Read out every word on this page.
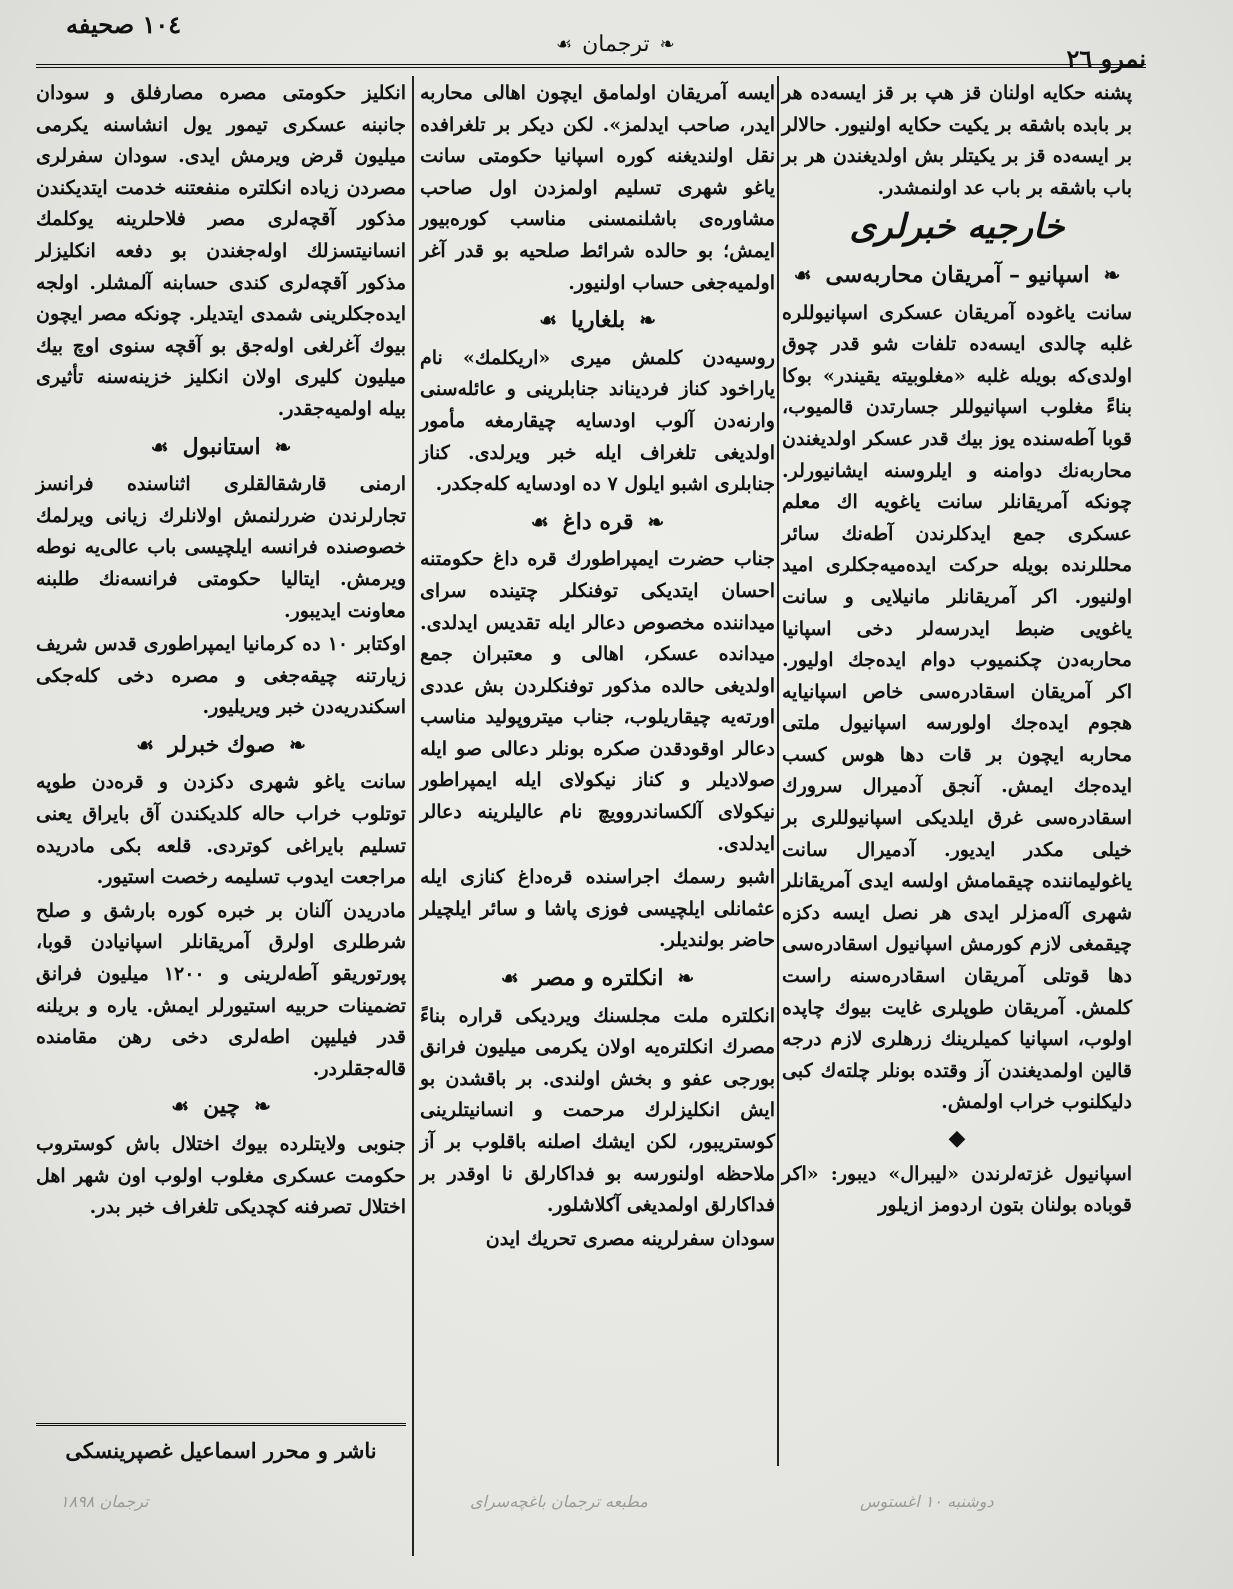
١٠٤ صحیفه
❧
ترجمان
☙	نمرو ٢٦

پشنه حکایه اولنان قز هپ بر قز ایسه‌ده هر بر بابده باشقه بر یکیت حکایه اولنیور. حالالر بر ایسه‌ده قز بر یکیتلر بش اولدیغندن هر بر باب باشقه بر باب عد اولنمشدر.

خارجیه خبرلری
❧
اسپانیو – آمریقان محاربه‌سی
☙

سانت یاغوده آمریقان عسکری اسپانیوللره غلبه چالدی ایسه‌ده تلفات شو قدر چوق اولدی‌که بویله غلبه «مغلوبیته یقیندر» بوکا بناءً مغلوب اسپانیوللر جسارتدن قالمیوب، قوبا آطه‌سنده یوز بیك قدر عسکر اولدیغندن محاربه‌نك دوامنه و ایلروسنه ایشانیورلر. چونکه آمریقانلر سانت یاغویه اك معلم عسکری جمع ایدکلرندن آطه‌نك سائر محللرنده بویله حرکت ایده‌میه‌جکلری امید اولنیور. اکر آمریقانلر مانیلایی و سانت یاغویی ضبط ایدرسه‌لر دخی اسپانیا محاربه‌دن چکنمیوب دوام ایده‌جك اولیور. اکر آمریقان اسقادره‌سی خاص اسپانیایه هجوم ایده‌جك اولورسه اسپانیول ملتی محاربه ایچون بر قات دها هوس کسب ایده‌جك ایمش. آنجق آدمیرال سرورك اسقادره‌سی غرق ایلدیکی اسپانیوللری بر خیلی مکدر ایدیور. آدمیرال سانت یاغولیماننده چیقمامش اولسه ایدی آمریقانلر شهری آله‌مزلر ایدی هر نصل ایسه دکزه چیقمغی لازم کورمش اسپانیول اسقادره‌سی دها قوتلی آمریقان اسقادره‌سنه راست کلمش. آمریقان طوپلری غایت بیوك چاپده اولوب، اسپانیا کمیلرینك زرهلری لازم درجه قالین اولمدیغندن آز وقتده بونلر چلته‌ك کبی دلیکلنوب خراب اولمش.

◆

اسپانیول غزته‌لرندن «لیبرال» دیبور: «اکر قوباده بولنان بتون اردومز ازیلور

ایسه آمریقان اولمامق ایچون اهالی محاربه ایدر، صاحب ایدلمز». لکن دیکر بر تلغرافده نقل اولندیغنه کوره اسپانیا حکومتی سانت یاغو شهری تسلیم اولمزدن اول صاحب مشاوره‌ی باشلنمسنی مناسب کوره‌بیور ایمش؛ بو حالده شرائط صلحیه بو قدر آغر اولمیه‌جغی حساب اولنیور.

❧
بلغاریا
☙

روسیه‌دن کلمش میری «اریکلمك» نام یاراخود کناز فردیناند جنابلرینی و عائله‌سنی وارنه‌دن آلوب اودسایه چیقارمغه مأمور اولدیغی تلغراف ایله خبر ویرلدی. کناز جنابلری اشبو ایلول ٧ ده اودسایه کله‌جکدر.

❧
قره داغ
☙

جناب حضرت ایمپراطورك قره داغ حکومتنه احسان ایتدیکی توفنکلر چتینده سرای میداننده مخصوص دعالر ایله تقدیس ایدلدی. میدانده عسکر، اهالی و معتبران جمع اولدیغی حالده مذکور توفنکلردن بش عددی اورته‌یه چیقاریلوب، جناب میتروپولید مناسب دعالر اوقودقدن صکره بونلر دعالی صو ایله صولادیلر و کناز نیکولای ایله ایمپراطور نیکولای آلکساندروویچ نام عالیلرینه دعالر ایدلدی.

اشبو رسمك اجراسنده قره‌داغ کنازی ایله عثمانلی ایلچیسی فوزی پاشا و سائر ایلچیلر حاضر بولندیلر.

❧
انکلتره و مصر
☙

انکلتره ملت مجلسنك ویردیکی قراره بناءً مصرك انکلتره‌یه اولان یکرمی میلیون فرانق بورجی عفو و بخش اولندی. بر باقشدن بو ایش انکلیزلرك مرحمت و انسانیتلرینی کوستریبور، لکن ایشك اصلنه باقلوب بر آز ملاحظه اولنورسه بو فداکارلق نا اوقدر بر فداکارلق اولمدیغی آکلاشلور.

سودان سفرلرینه مصری تحریك ایدن

انکلیز حکومتی مصره مصارفلق و سودان جانبنه عسکری تیمور یول انشاسنه یکرمی میلیون قرض ویرمش ایدی. سودان سفرلری مصردن زیاده انکلتره منفعتنه خدمت ایتدیکندن مذکور آقچه‌لری مصر فلاحلرینه یوکلمك انسانیتسزلك اوله‌جغندن بو دفعه انکلیزلر مذکور آقچه‌لری کندی حسابنه آلمشلر. اولجه ایده‌جکلرینی شمدی ایتدیلر. چونکه مصر ایچون بیوك آغرلغی اوله‌جق بو آقچه سنوی اوچ بیك میلیون کلیری اولان انکلیز خزینه‌سنه تأثیری بیله اولمیه‌جقدر.

❧
استانبول
☙

ارمنی قارشقالقلری اثناسنده فرانسز تجارلرندن ضررلنمش اولانلرك زیانی ویرلمك خصوصنده فرانسه ایلچیسی باب عالی‌یه نوطه ویرمش. ایتالیا حکومتی فرانسه‌نك طلبنه معاونت ایدیبور.

اوکتابر ١٠ ده کرمانیا ایمپراطوری قدس شریف زیارتنه چیقه‌جغی و مصره دخی کله‌جکی اسکندریه‌دن خبر ویریلیور.

❧
صوك خبرلر
☙

سانت یاغو شهری دکزدن و قره‌دن طوپه توتلوب خراب حاله کلدیکندن آق بایراق یعنی تسلیم بایراغی کوتردی. قلعه بکی مادریده مراجعت ایدوب تسلیمه رخصت استیور.

مادریدن آلنان بر خبره کوره بارشق و صلح شرطلری اولرق آمریقانلر اسپانیادن قوبا، پورتوریقو آطه‌لرینی و ١٢٠٠ میلیون فرانق تضمینات حربیه استیورلر ایمش. یاره و بریلنه قدر فیلیپن اطه‌لری دخی رهن مقامنده قاله‌جقلردر.

❧
چین
☙

جنوبی ولایتلرده بیوك اختلال باش کوستروب حکومت عسکری مغلوب اولوب اون شهر اهل اختلال تصرفنه کچدیکی تلغراف خبر بدر.

ناشر و محرر اسماعیل غصپرینسکی
ترجمان ۱۸۹۸	مطبعه ترجمان باغچه‌سرای	دوشنبه ۱۰ اغستوس
